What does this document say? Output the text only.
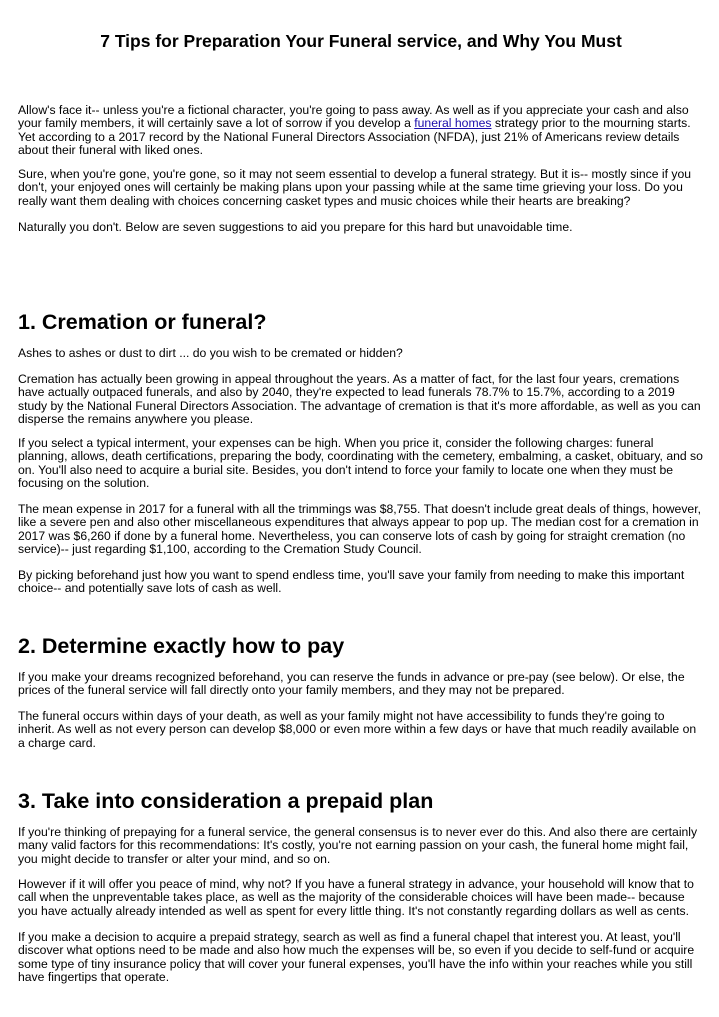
7 Tips for Preparation Your Funeral service, and Why You Must

Allow's face it-- unless you're a fictional character, you're going to pass away. As well as if you appreciate your cash and also your family members, it will certainly save a lot of sorrow if you develop a funeral homes strategy prior to the mourning starts. Yet according to a 2017 record by the National Funeral Directors Association (NFDA), just 21% of Americans review details about their funeral with liked ones.

Sure, when you're gone, you're gone, so it may not seem essential to develop a funeral strategy. But it is-- mostly since if you don't, your enjoyed ones will certainly be making plans upon your passing while at the same time grieving your loss. Do you really want them dealing with choices concerning casket types and music choices while their hearts are breaking?

Naturally you don't. Below are seven suggestions to aid you prepare for this hard but unavoidable time.

1. Cremation or funeral?

Ashes to ashes or dust to dirt ... do you wish to be cremated or hidden?

Cremation has actually been growing in appeal throughout the years. As a matter of fact, for the last four years, cremations have actually outpaced funerals, and also by 2040, they're expected to lead funerals 78.7% to 15.7%, according to a 2019 study by the National Funeral Directors Association. The advantage of cremation is that it's more affordable, as well as you can disperse the remains anywhere you please.

If you select a typical interment, your expenses can be high. When you price it, consider the following charges: funeral planning, allows, death certifications, preparing the body, coordinating with the cemetery, embalming, a casket, obituary, and so on. You'll also need to acquire a burial site. Besides, you don't intend to force your family to locate one when they must be focusing on the solution.

The mean expense in 2017 for a funeral with all the trimmings was $8,755. That doesn't include great deals of things, however, like a severe pen and also other miscellaneous expenditures that always appear to pop up. The median cost for a cremation in 2017 was $6,260 if done by a funeral home. Nevertheless, you can conserve lots of cash by going for straight cremation (no service)-- just regarding $1,100, according to the Cremation Study Council.

By picking beforehand just how you want to spend endless time, you'll save your family from needing to make this important choice-- and potentially save lots of cash as well.

2. Determine exactly how to pay

If you make your dreams recognized beforehand, you can reserve the funds in advance or pre-pay (see below). Or else, the prices of the funeral service will fall directly onto your family members, and they may not be prepared.

The funeral occurs within days of your death, as well as your family might not have accessibility to funds they're going to inherit. As well as not every person can develop $8,000 or even more within a few days or have that much readily available on a charge card.

3. Take into consideration a prepaid plan

If you're thinking of prepaying for a funeral service, the general consensus is to never ever do this. And also there are certainly many valid factors for this recommendations: It's costly, you're not earning passion on your cash, the funeral home might fail, you might decide to transfer or alter your mind, and so on.

However if it will offer you peace of mind, why not? If you have a funeral strategy in advance, your household will know that to call when the unpreventable takes place, as well as the majority of the considerable choices will have been made-- because you have actually already intended as well as spent for every little thing. It's not constantly regarding dollars as well as cents.

If you make a decision to acquire a prepaid strategy, search as well as find a funeral chapel that interest you. At least, you'll discover what options need to be made and also how much the expenses will be, so even if you decide to self-fund or acquire some type of tiny insurance policy that will cover your funeral expenses, you'll have the info within your reaches while you still have fingertips that operate.
